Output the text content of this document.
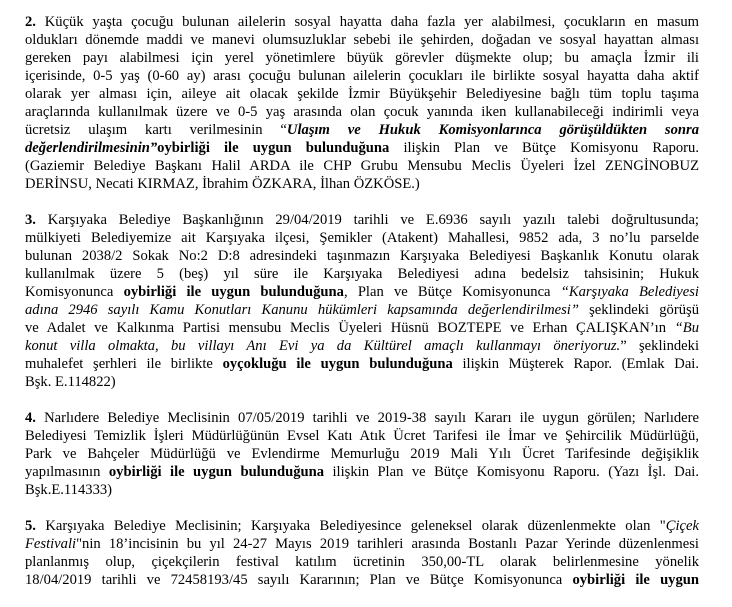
2. Küçük yaşta çocuğu bulunan ailelerin sosyal hayatta daha fazla yer alabilmesi, çocukların en masum
oldukları dönemde maddi ve manevi olumsuzluklar sebebi ile şehirden, doğadan ve sosyal hayattan alması
gereken payı alabilmesi için yerel yönetimlere büyük görevler düşmekte olup; bu amaçla İzmir ili
içerisinde, 0-5 yaş (0-60 ay) arası çocuğu bulunan ailelerin çocukları ile birlikte sosyal hayatta daha aktif
olarak yer alması için, aileye ait olacak şekilde İzmir Büyükşehir Belediyesine bağlı tüm toplu taşıma
araçlarında kullanılmak üzere ve 0-5 yaş arasında olan çocuk yanında iken kullanabileceği indirimli veya
ücretsiz ulaşım kartı verilmesinin “Ulaşım ve Hukuk Komisyonlarınca görüşüldükten sonra
değerlendirilmesinin”oybirliği ile uygun bulunduğuna ilişkin Plan ve Bütçe Komisyonu Raporu.
(Gaziemir Belediye Başkanı Halil ARDA ile CHP Grubu Mensubu Meclis Üyeleri İzel ZENGİNOBUZ
DERİNSU, Necati KIRMAZ, İbrahim ÖZKARA, İlhan ÖZKÖSE.)
3. Karşıyaka Belediye Başkanlığının 29/04/2019 tarihli ve E.6936 sayılı yazılı talebi doğrultusunda;
mülkiyeti Belediyemize ait Karşıyaka ilçesi, Şemikler (Atakent) Mahallesi, 9852 ada, 3 no’lu parselde
bulunan 2038/2 Sokak No:2 D:8 adresindeki taşınmazın Karşıyaka Belediyesi Başkanlık Konutu olarak
kullanılmak üzere 5 (beş) yıl süre ile Karşıyaka Belediyesi adına bedelsiz tahsisinin; Hukuk
Komisyonunca oybirliği ile uygun bulunduğuna, Plan ve Bütçe Komisyonunca “Karşıyaka Belediyesi
adına 2946 sayılı Kamu Konutları Kanunu hükümleri kapsamında değerlendirilmesi” şeklindeki görüşü
ve Adalet ve Kalkınma Partisi mensubu Meclis Üyeleri Hüsnü BOZTEPE ve Erhan ÇALIŞKAN’ın “Bu
konut villa olmakta, bu villayı Anı Evi ya da Kültürel amaçlı kullanmayı öneriyoruz.” şeklindeki
muhalefet şerhleri ile birlikte oyçokluğu ile uygun bulunduğuna ilişkin Müşterek Rapor. (Emlak Dai.
Bşk. E.114822)
4. Narlıdere Belediye Meclisinin 07/05/2019 tarihli ve 2019-38 sayılı Kararı ile uygun görülen; Narlıdere
Belediyesi Temizlik İşleri Müdürlüğünün Evsel Katı Atık Ücret Tarifesi ile İmar ve Şehircilik Müdürlüğü,
Park ve Bahçeler Müdürlüğü ve Evlendirme Memurluğu 2019 Mali Yılı Ücret Tarifesinde değişiklik
yapılmasının oybirliği ile uygun bulunduğuna ilişkin Plan ve Bütçe Komisyonu Raporu. (Yazı İşl. Dai.
Bşk.E.114333)
5. Karşıyaka Belediye Meclisinin; Karşıyaka Belediyesince geleneksel olarak düzenlenmekte olan "Çiçek
Festivali"nin 18’incisinin bu yıl 24-27 Mayıs 2019 tarihleri arasında Bostanlı Pazar Yerinde düzenlenmesi
planlanmış olup, çiçekçilerin festival katılım ücretinin 350,00-TL olarak belirlenmesine yönelik
18/04/2019 tarihli ve 72458193/45 sayılı Kararının; Plan ve Bütçe Komisyonunca oybirliği ile uygun
